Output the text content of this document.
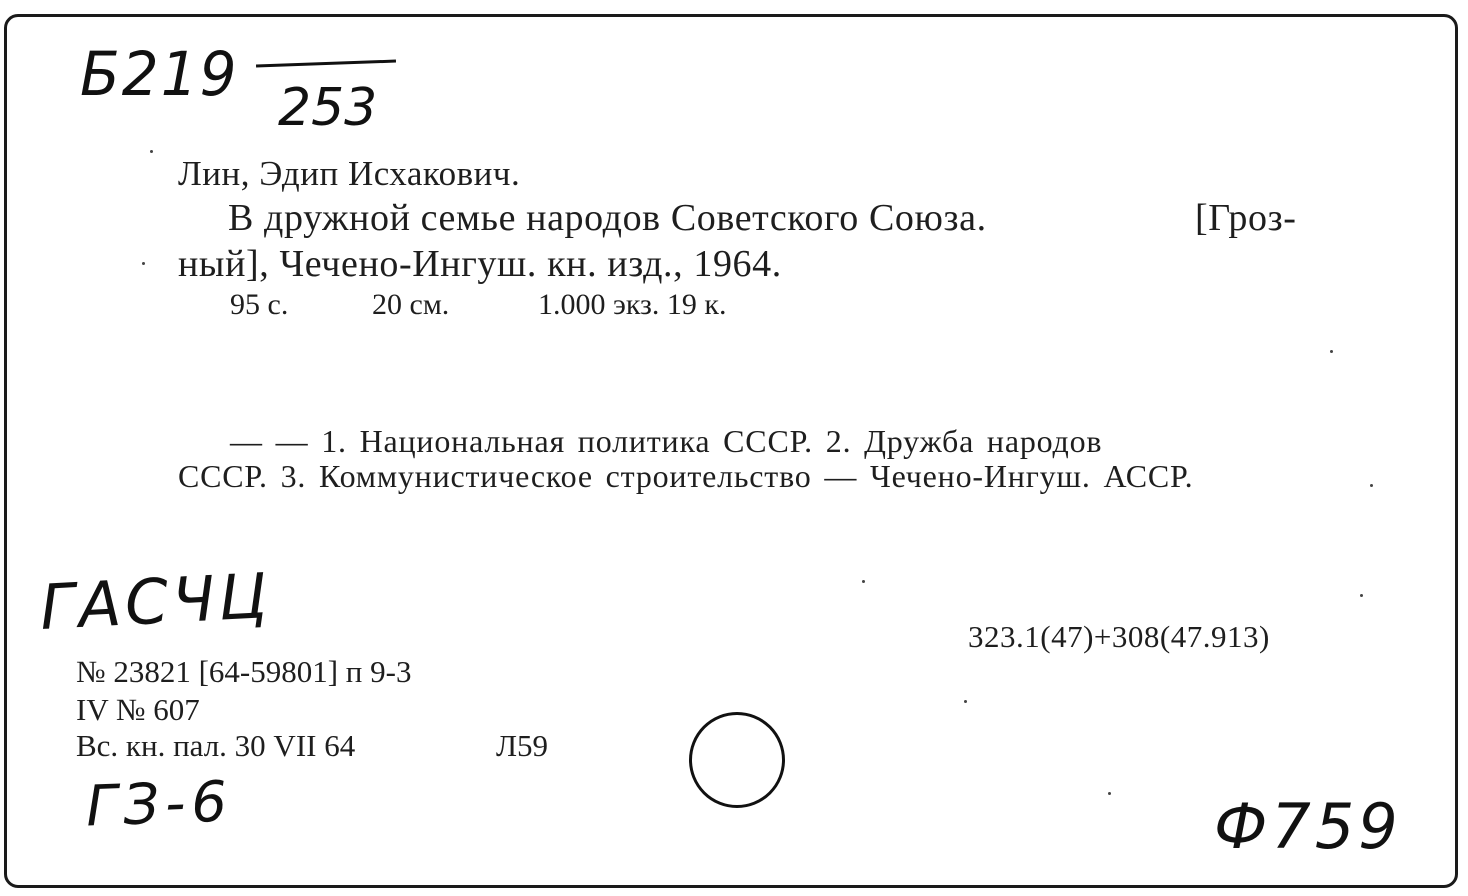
Б219 253
Лин, Эдип Исхакович.
В дружной семье народов Советского Союза.	[Гроз-
ный], Чечено-Ингуш. кн. изд., 1964.
95 с.	20 см.	1.000 экз. 19 к.
— — 1. Национальная политика СССР. 2. Дружба народов
СССР. 3. Коммунистическое строительство — Чечено-Ингуш. АССР.
ГАСЧЦ	323.1(47)+308(47.913)
№ 23821 [64-59801] п 9-3
IV № 607
Вс. кн. пал. 30 VII 64	Л59
ГЗ-6	Ф759
